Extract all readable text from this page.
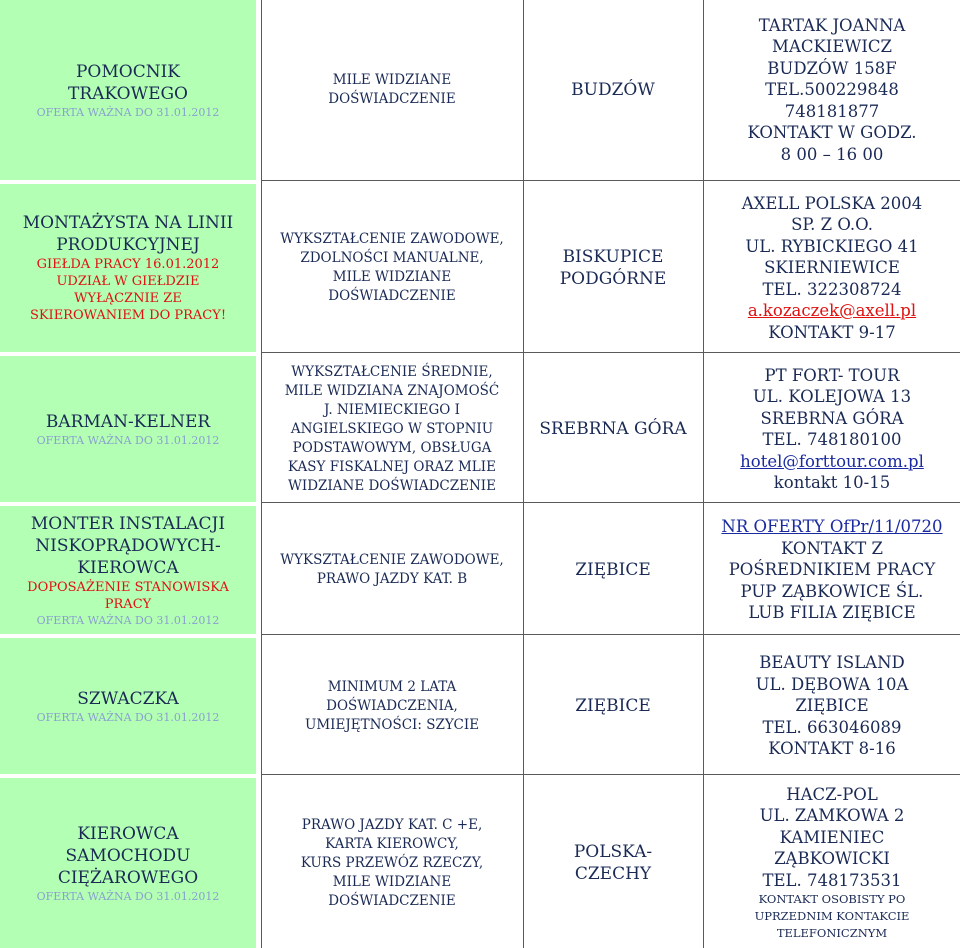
POMOCNIK
TRAKOWEGO
OFERTA WAŻNA DO 31.01.2012
MILE WIDZIANE
DOŚWIADCZENIE	BUDZÓW
TARTAK JOANNA
MACKIEWICZ
BUDZÓW 158F
TEL.500229848
748181877
KONTAKT W GODZ.
8 00 – 16 00
MONTAŻYSTA NA LINII
PRODUKCYJNEJ
GIEŁDA PRACY 16.01.2012
UDZIAŁ W GIEŁDZIE
WYŁĄCZNIE ZE
SKIEROWANIEM DO PRACY!
WYKSZTAŁCENIE ZAWODOWE,
ZDOLNOŚCI MANUALNE,
MILE WIDZIANE
DOŚWIADCZENIE
BISKUPICE
PODGÓRNE
AXELL POLSKA 2004
SP. Z O.O.
UL. RYBICKIEGO 41
SKIERNIEWICE
TEL. 322308724
a.kozaczek@axell.pl
KONTAKT 9-17
BARMAN-KELNER
OFERTA WAŻNA DO 31.01.2012
WYKSZTAŁCENIE ŚREDNIE,
MILE WIDZIANA ZNAJOMOŚĆ
J. NIEMIECKIEGO I
ANGIELSKIEGO W STOPNIU
PODSTAWOWYM, OBSŁUGA
KASY FISKALNEJ ORAZ MLIE
WIDZIANE DOŚWIADCZENIE
SREBRNA GÓRA
PT FORT- TOUR
UL. KOLEJOWA 13
SREBRNA GÓRA
TEL. 748180100
hotel@forttour.com.pl
kontakt 10-15
MONTER INSTALACJI
NISKOPRĄDOWYCH-
KIEROWCA
DOPOSAŻENIE STANOWISKA
PRACY
OFERTA WAŻNA DO 31.01.2012
WYKSZTAŁCENIE ZAWODOWE,
PRAWO JAZDY KAT. B	ZIĘBICE
NR OFERTY OfPr/11/0720
KONTAKT Z
POŚREDNIKIEM PRACY
PUP ZĄBKOWICE ŚL.
LUB FILIA ZIĘBICE
SZWACZKA
OFERTA WAŻNA DO 31.01.2012
MINIMUM 2 LATA
DOŚWIADCZENIA,
UMIEJĘTNOŚCI: SZYCIE
ZIĘBICE
BEAUTY ISLAND
UL. DĘBOWA 10A
ZIĘBICE
TEL. 663046089
KONTAKT 8-16
KIEROWCA
SAMOCHODU
CIĘŻAROWEGO
OFERTA WAŻNA DO 31.01.2012
PRAWO JAZDY KAT. C +E,
KARTA KIEROWCY,
KURS PRZEWÓZ RZECZY,
MILE WIDZIANE
DOŚWIADCZENIE
POLSKA-
CZECHY
HACZ-POL
UL. ZAMKOWA 2
KAMIENIEC
ZĄBKOWICKI
TEL. 748173531
KONTAKT OSOBISTY PO
UPRZEDNIM KONTAKCIE
TELEFONICZNYM
